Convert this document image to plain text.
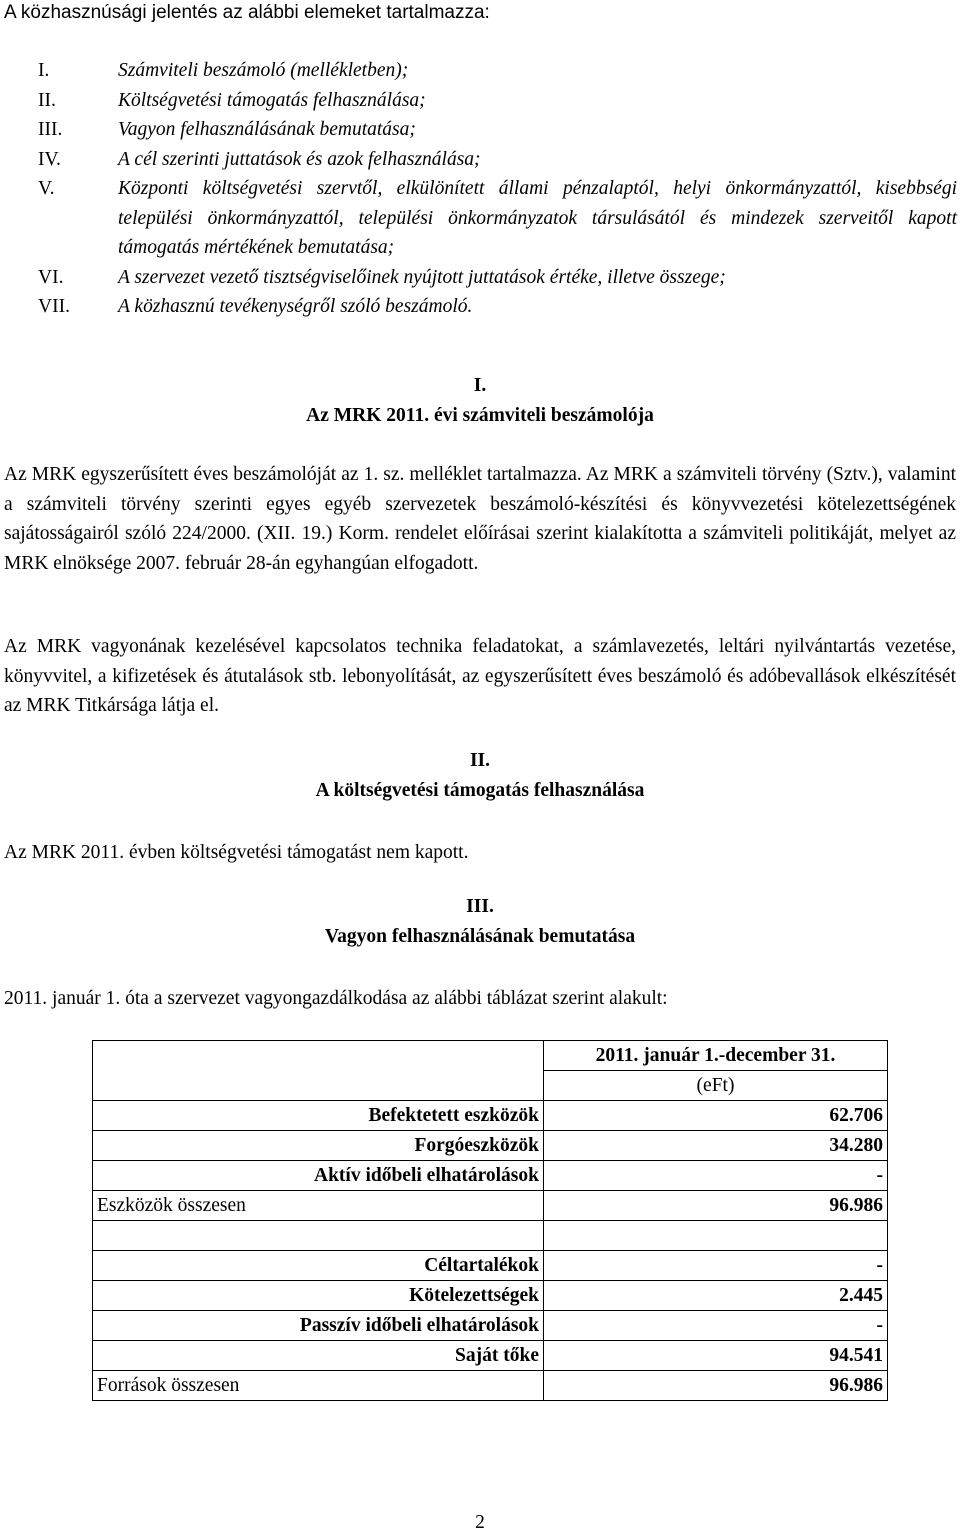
A közhasznúsági jelentés az alábbi elemeket tartalmazza:
I.	Számviteli beszámoló (mellékletben);
II.	Költségvetési támogatás felhasználása;
III.	Vagyon felhasználásának bemutatása;
IV.	A cél szerinti juttatások és azok felhasználása;
V.	Központi költségvetési szervtől, elkülönített állami pénzalaptól, helyi önkormányzattól, kisebbségi települési önkormányzattól, települési önkormányzatok társulásától és mindezek szerveitől kapott támogatás mértékének bemutatása;
VI.	A szervezet vezető tisztségviselőinek nyújtott juttatások értéke, illetve összege;
VII. A közhasznú tevékenységről szóló beszámoló.
I.
Az MRK 2011. évi számviteli beszámolója
Az MRK egyszerűsített éves beszámolóját az 1. sz. melléklet tartalmazza. Az MRK a számviteli törvény (Sztv.), valamint a számviteli törvény szerinti egyes egyéb szervezetek beszámoló-készítési és könyvvezetési kötelezettségének sajátosságairól szóló 224/2000. (XII. 19.) Korm. rendelet előírásai szerint kialakította a számviteli politikáját, melyet az MRK elnöksége 2007. február 28-án egyhangúan elfogadott.
Az MRK vagyonának kezelésével kapcsolatos technika feladatokat, a számlavezetés, leltári nyilvántartás vezetése, könyvvitel, a kifizetések és átutalások stb. lebonyolítását, az egyszerűsített éves beszámoló és adóbevallások elkészítését az MRK Titkársága látja el.
II.
A költségvetési támogatás felhasználása
Az MRK 2011. évben költségvetési támogatást nem kapott.
III.
Vagyon felhasználásának bemutatása
2011. január 1. óta a szervezet vagyongazdálkodása az alábbi táblázat szerint alakult:
	2011. január 1.-december 31.
	(eFt)
Befektetett eszközök	62.706
Forgóeszközök	34.280
Aktív időbeli elhatárolások	-
Eszközök összesen	96.986

Céltartalékok	-
Kötelezettségek	2.445
Passzív időbeli elhatárolások	-
Saját tőke	94.541
Források összesen	96.986
2
